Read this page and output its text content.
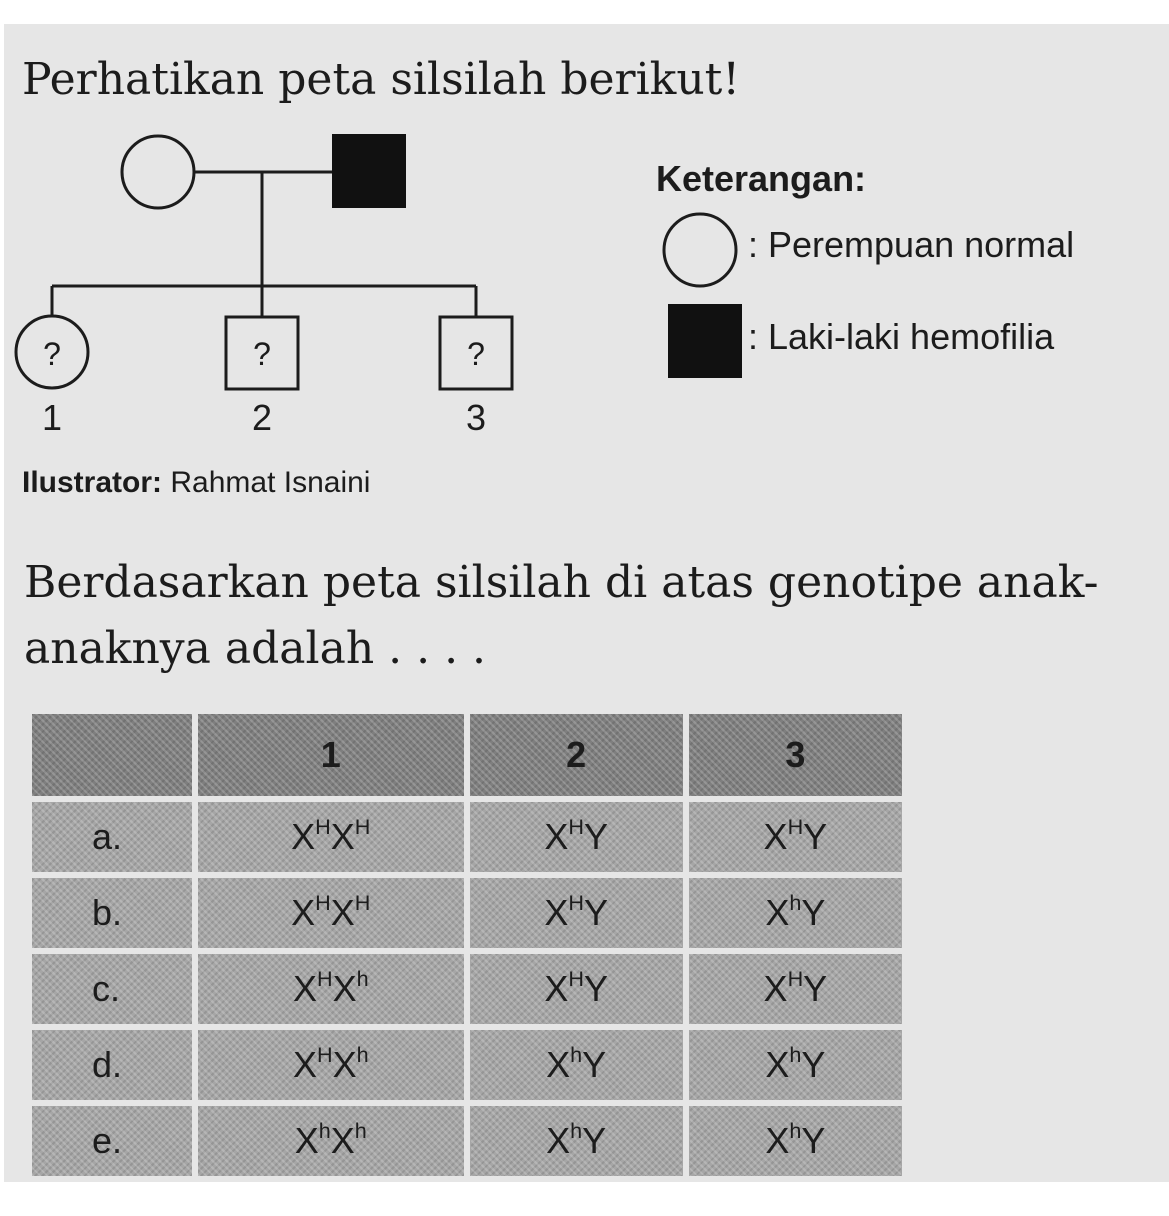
Perhatikan peta silsilah berikut!
?
1
?
2
?
3
Keterangan:
: Perempuan normal
: Laki-laki hemofilia
Ilustrator: Rahmat Isnaini
Berdasarkan peta silsilah di atas genotipe anak-anaknya adalah . . . .
	1	2	3
a.	$X^HX^H$	$X^HY$	$X^HY$
b.	$X^HX^H$	$X^HY$	$X^hY$
c.	$X^HX^h$	$X^HY$	$X^HY$
d.	$X^HX^h$	$X^hY$	$X^hY$
e.	$X^hX^h$	$X^hY$	$X^hY$
